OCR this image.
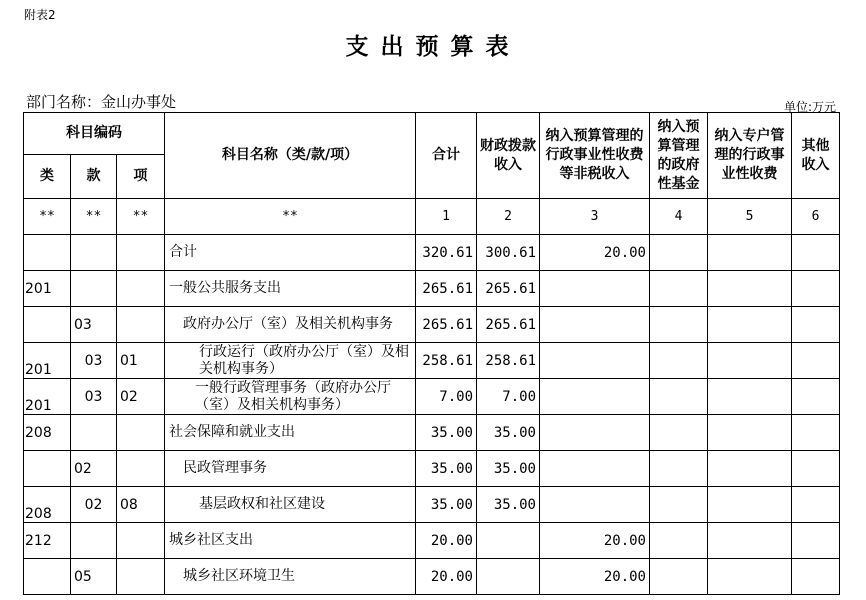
附表2
支出预算表
部门名称：金山办事处	单位:万元
科目编码			科目名称（类/款/项）	合计	财政拨款收入	纳入预算管理的行政事业性收费等非税收入	纳入预算管理的政府性基金	纳入专户管理的行政事业性收费	其他收入
类	款	项							
**	**	**	**	1	2	3	4	5	6
			合计	320.61	300.61	20.00			
201			一般公共服务支出	265.61	265.61				
	03		政府办公厅（室）及相关机构事务	265.61	265.61				
201	03	01	行政运行（政府办公厅（室）及相关机构事务）	258.61	258.61				
201	03	02	一般行政管理事务（政府办公厅（室）及相关机构事务）	7.00	7.00				
208			社会保障和就业支出	35.00	35.00				
	02		民政管理事务	35.00	35.00				
208	02	08	基层政权和社区建设	35.00	35.00				
212			城乡社区支出	20.00		20.00			
	05		城乡社区环境卫生	20.00		20.00			
